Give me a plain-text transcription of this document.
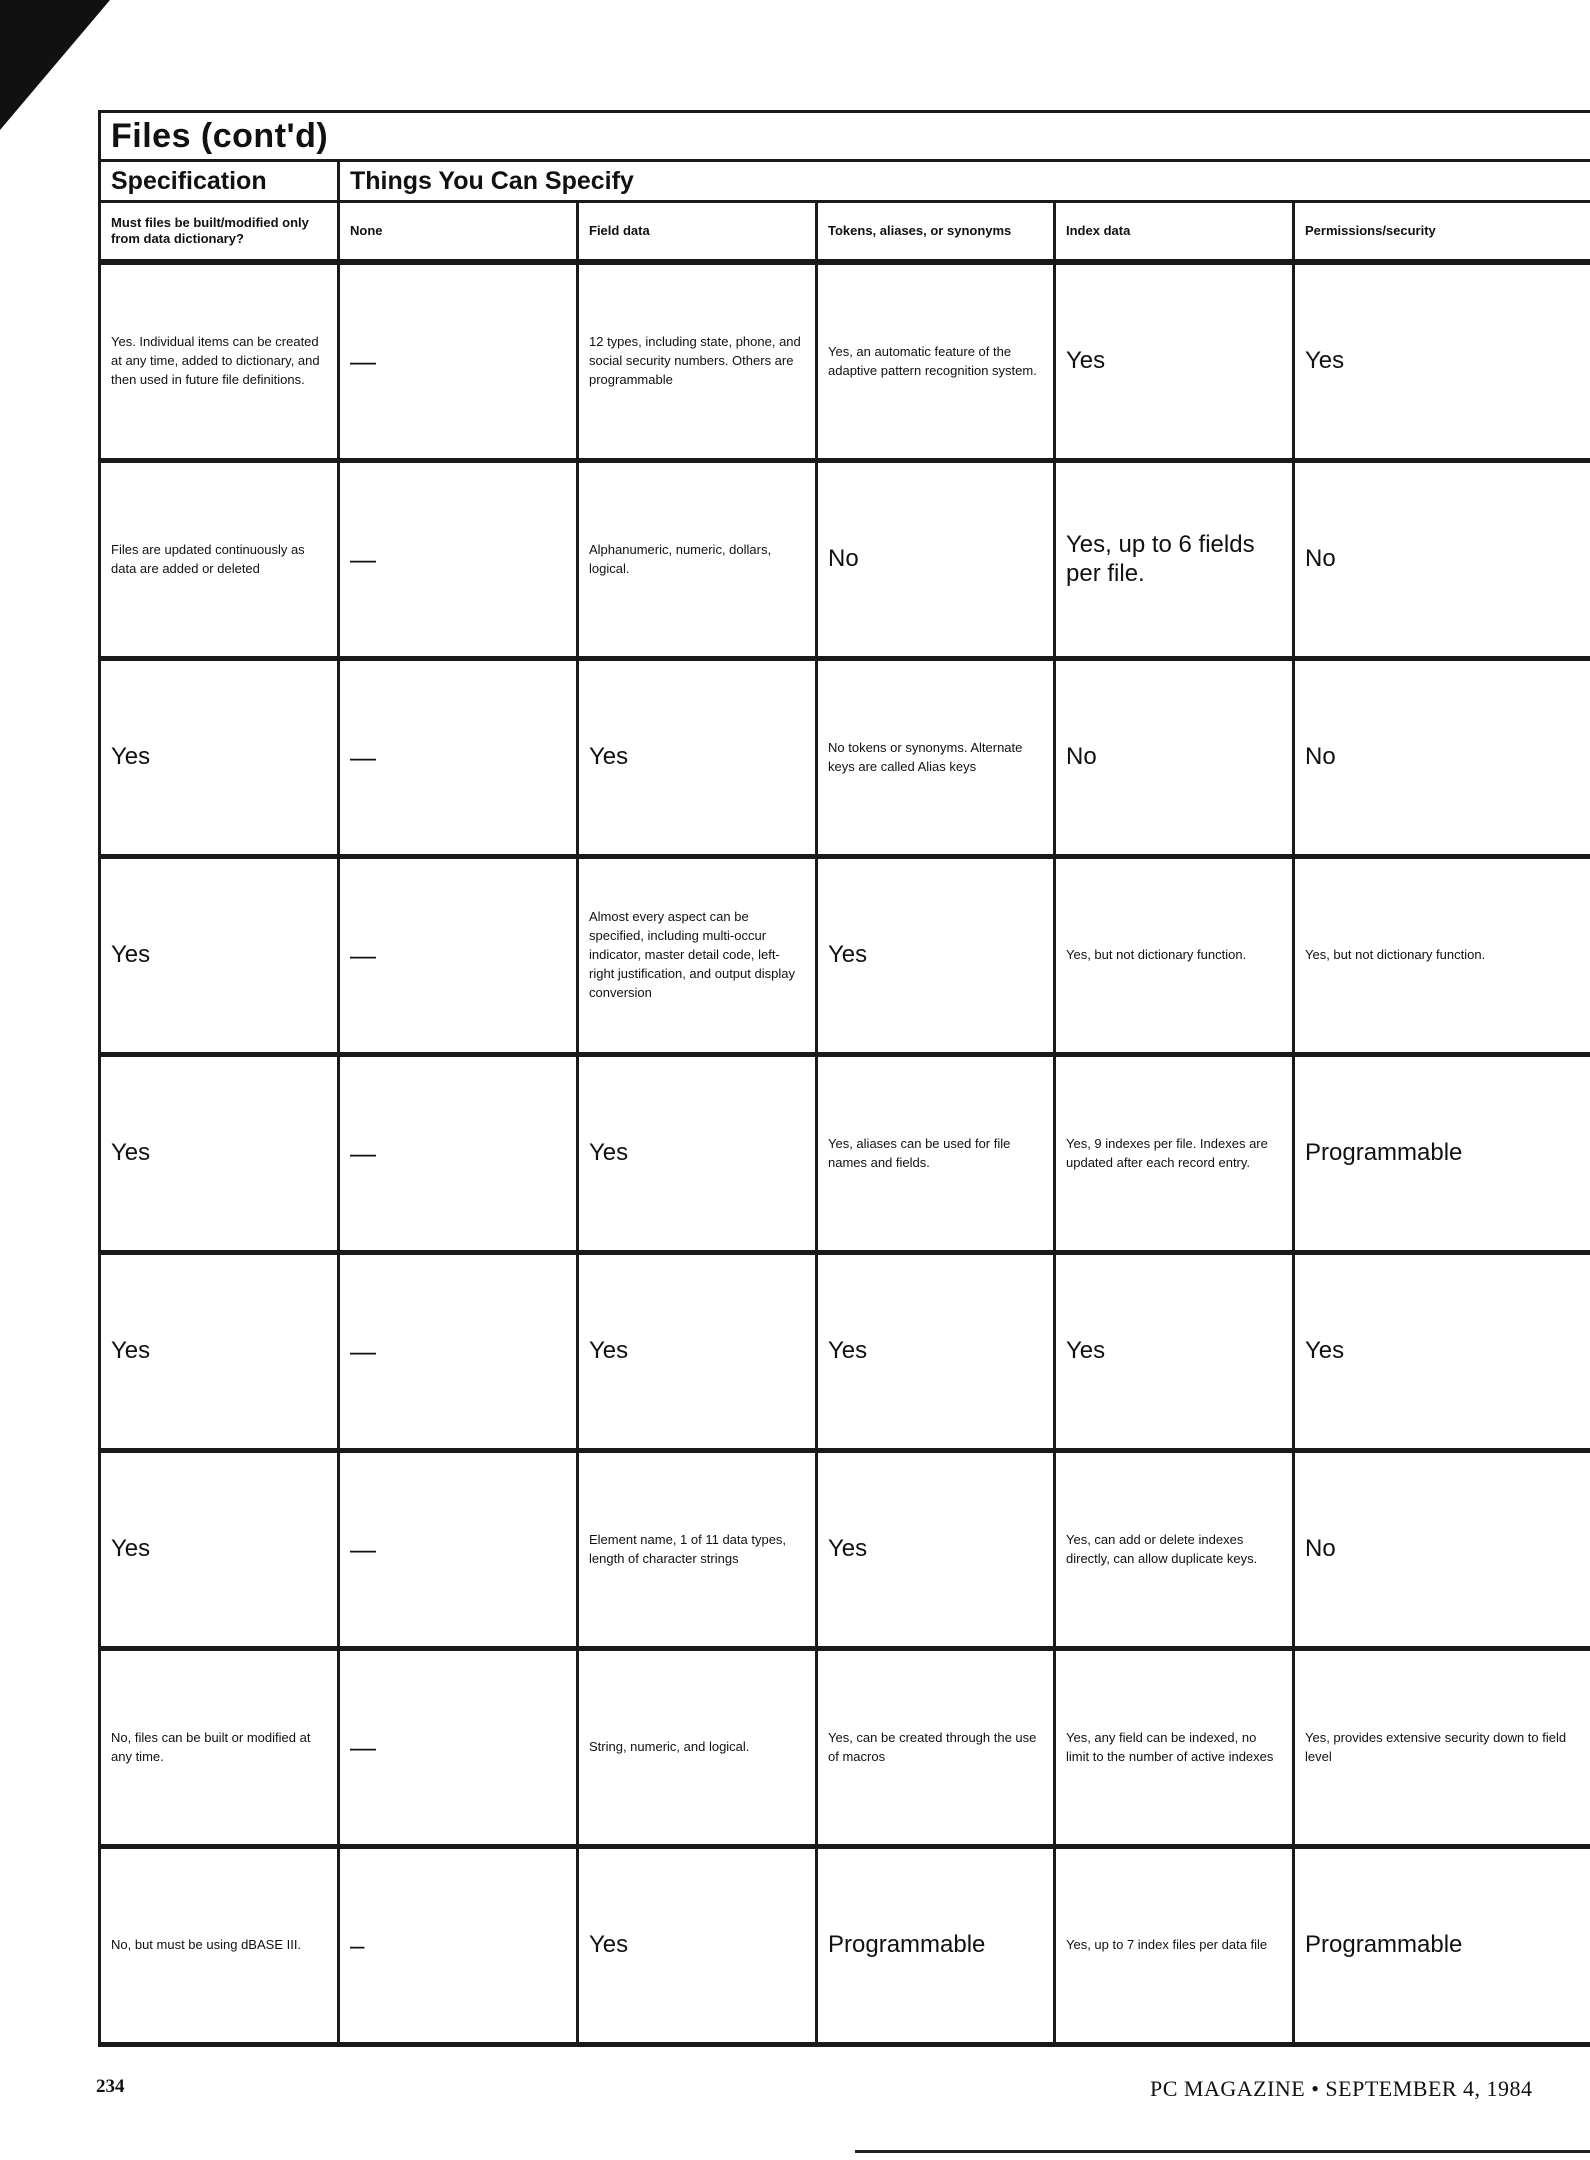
Files (cont'd)					
Specification	Things You Can Specify				
Must files be built/modified only from data dictionary?	None	Field data	Tokens, aliases, or synonyms	Index data	Permissions/security
Yes. Individual items can be created at any time, added to dictionary, and then used in future file definitions.	—	12 types, including state, phone, and social security numbers. Others are programmable	Yes, an automatic feature of the adaptive pattern recognition system.	Yes	Yes
Files are updated continuously as data are added or deleted	—	Alphanumeric, numeric, dollars, logical.	No	Yes, up to 6 fields per file.	No
Yes	—	Yes	No tokens or synonyms. Alternate keys are called Alias keys	No	No
Yes	—	Almost every aspect can be specified, including multi-occur indicator, master detail code, left-right justification, and output display conversion	Yes	Yes, but not dictionary function.	Yes, but not dictionary function.
Yes	—	Yes	Yes, aliases can be used for file names and fields.	Yes, 9 indexes per file. Indexes are updated after each record entry.	Programmable
Yes	—	Yes	Yes	Yes	Yes
Yes	—	Element name, 1 of 11 data types, length of character strings	Yes	Yes, can add or delete indexes directly, can allow duplicate keys.	No
No, files can be built or modified at any time.	—	String, numeric, and logical.	Yes, can be created through the use of macros	Yes, any field can be indexed, no limit to the number of active indexes	Yes, provides extensive security down to field level
No, but must be using dBASE III.	–	Yes	Programmable	Yes, up to 7 index files per data file	Programmable
234	PC MAGAZINE • SEPTEMBER 4, 1984
